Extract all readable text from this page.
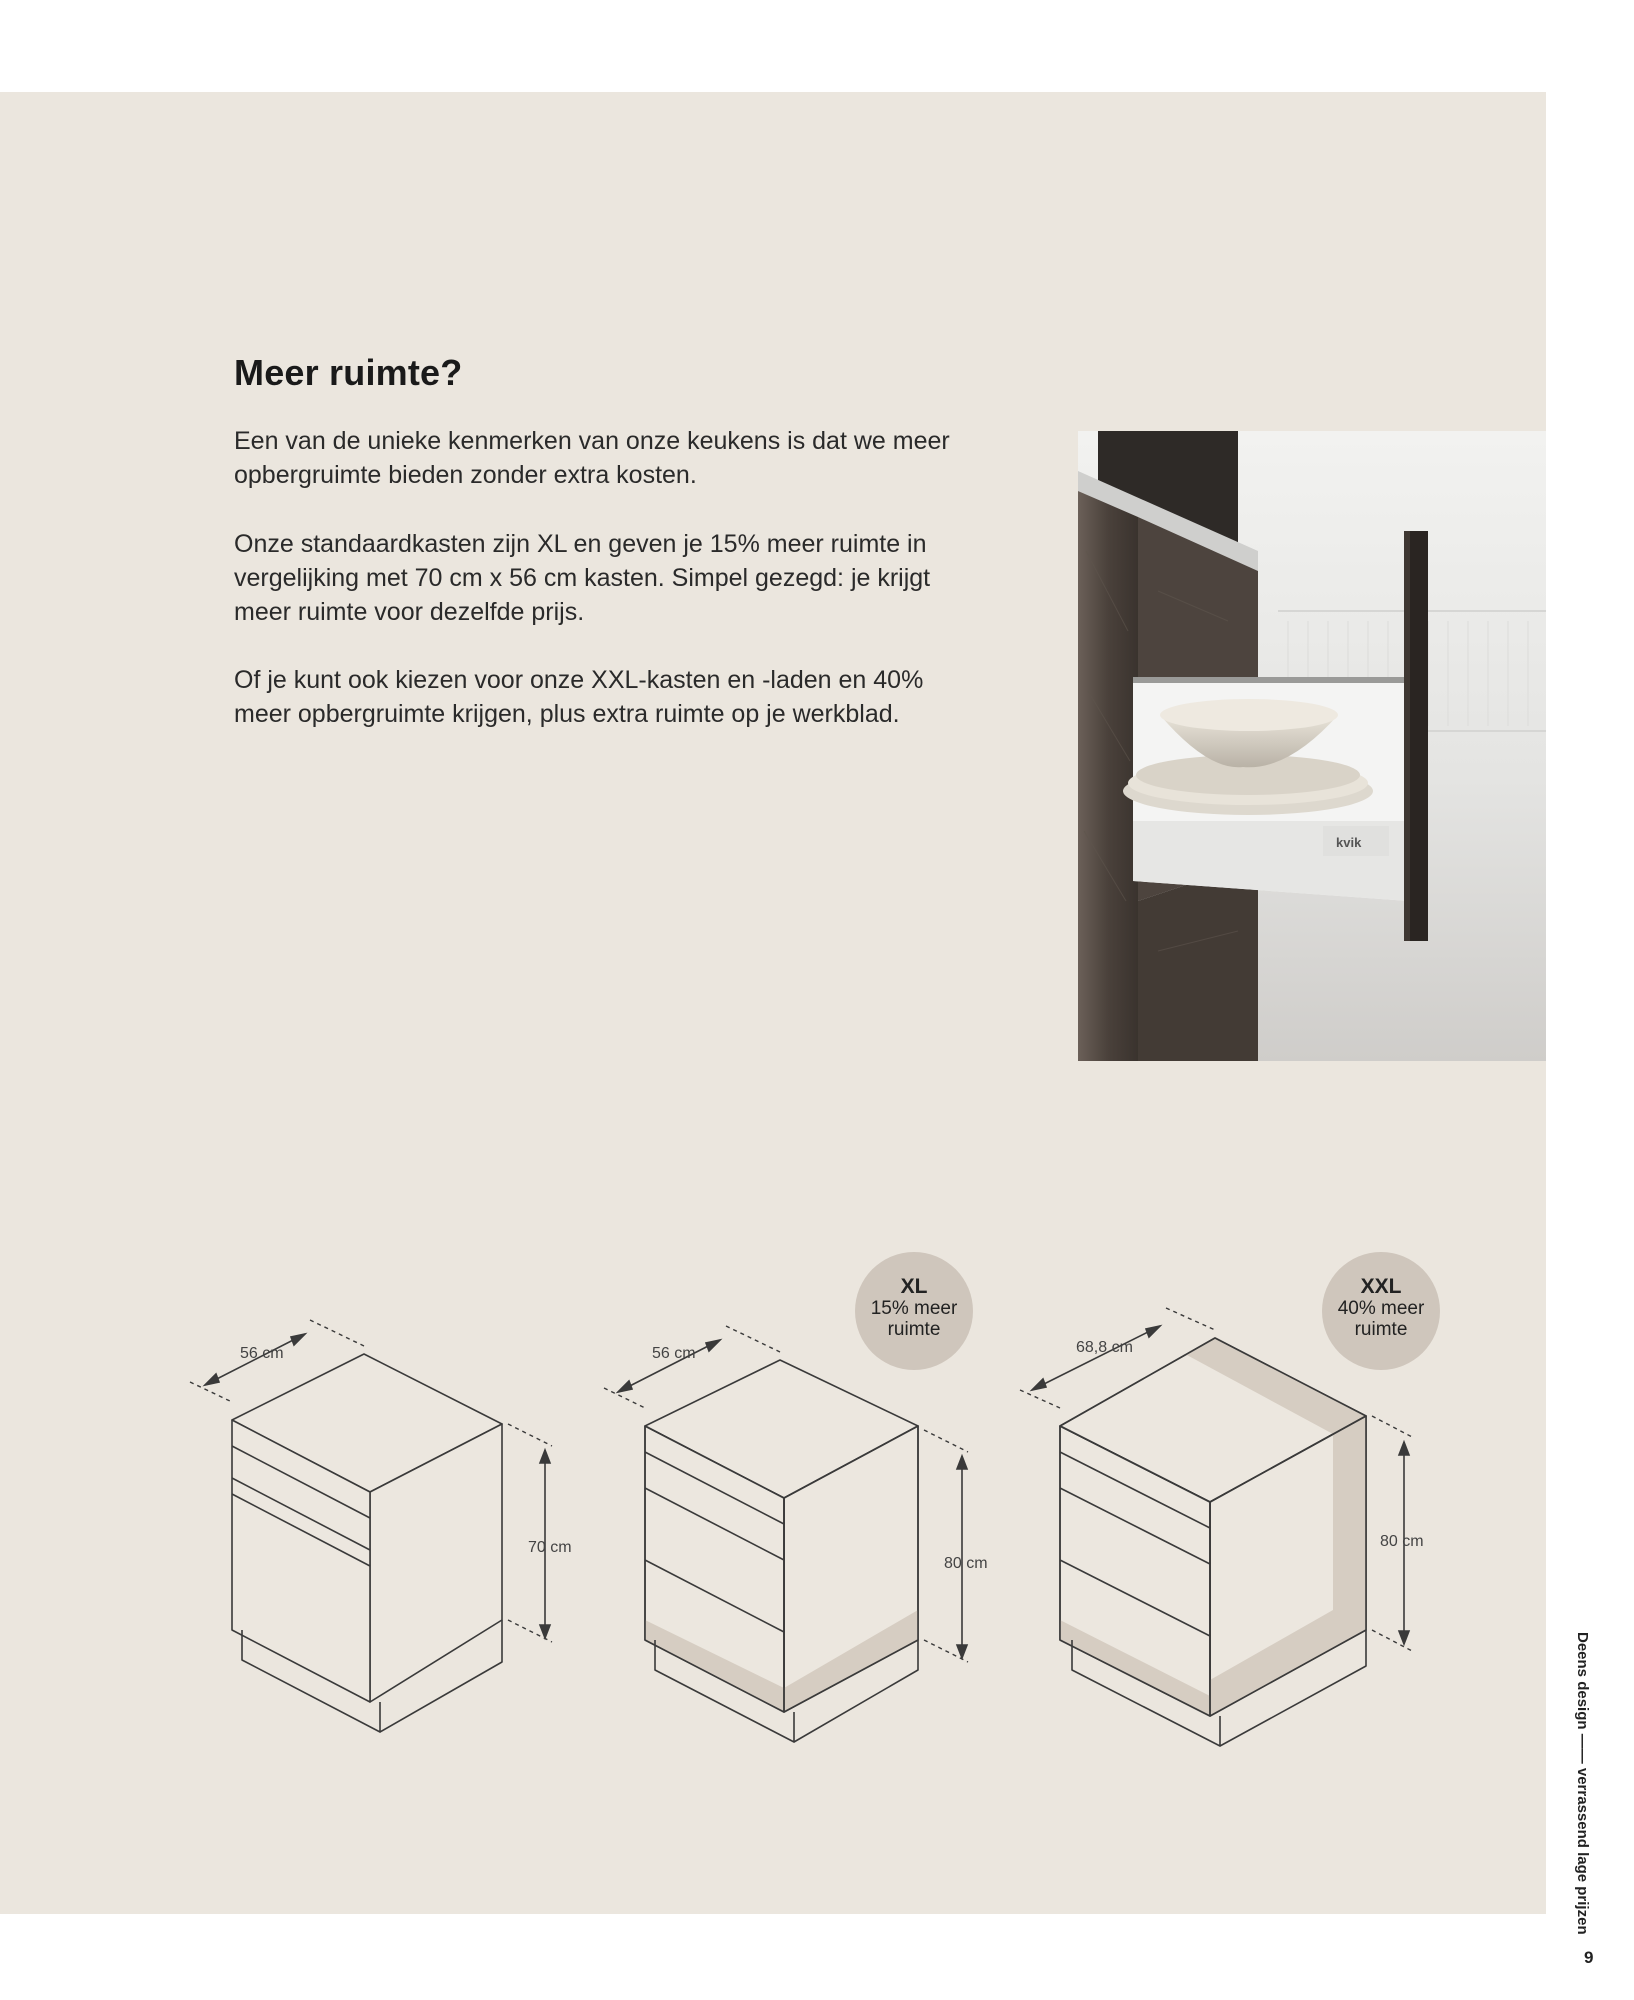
Meer ruimte?

Een van de unieke kenmerken van onze keukens is dat we meer opbergruimte bieden zonder extra kosten.

Onze standaardkasten zijn XL en geven je 15% meer ruimte in vergelijking met 70 cm x 56 cm kasten. Simpel gezegd: je krijgt meer ruimte voor dezelfde prijs.

Of je kunt ook kiezen voor onze XXL-kasten en -laden en 40% meer opbergruimte krijgen, plus extra ruimte op je werkblad.

kvik
56 cm
70 cm
56 cm
80 cm
68,8 cm
80 cm
XL
15% meer
ruimte
XXL
40% meer
ruimte
Deens design —— verrassend lage prijzen
9
